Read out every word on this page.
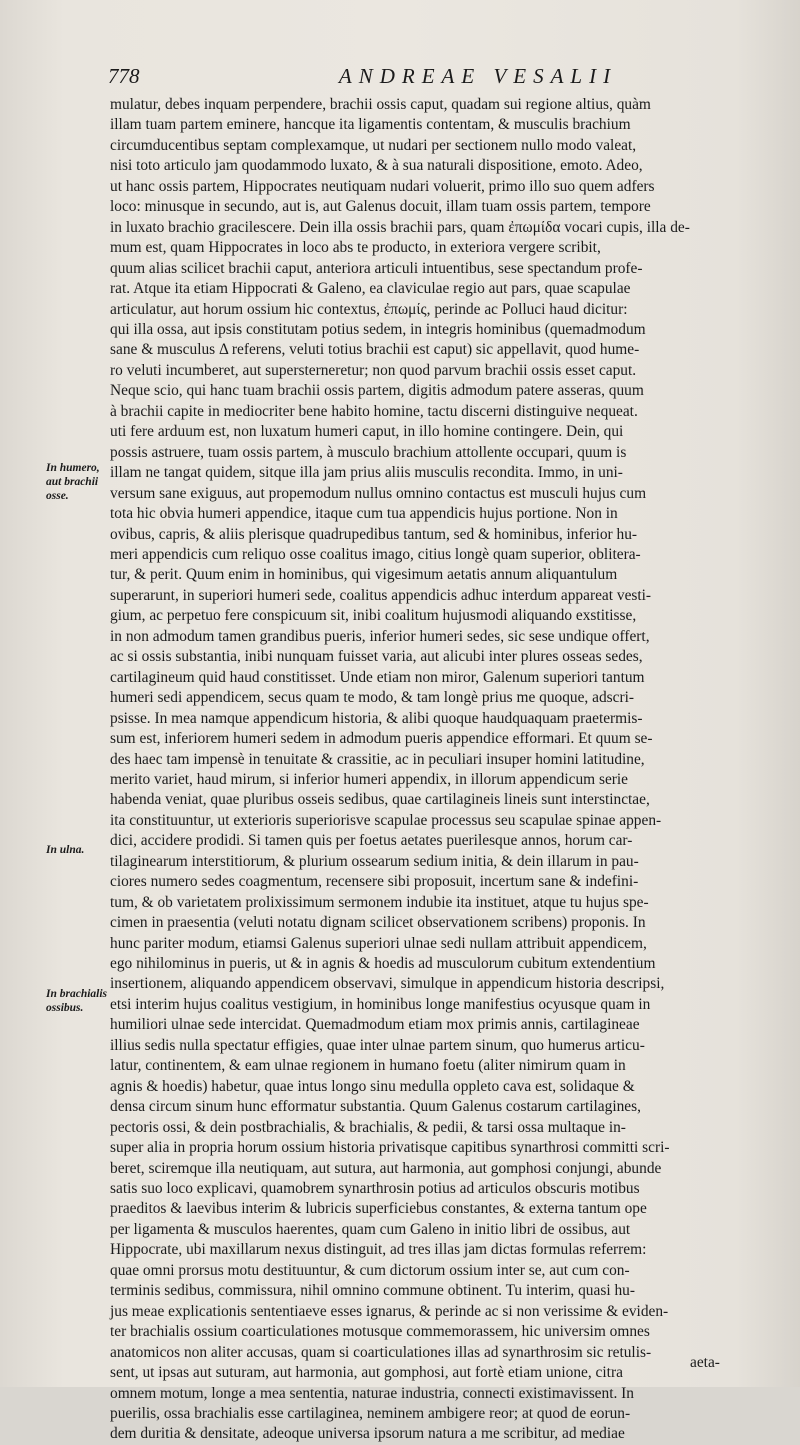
778	ANDREAE VESALII
mulatur, debes inquam perpendere, brachii ossis caput, quadam sui regione altius, quàm
illam tuam partem eminere, hancque ita ligamentis contentam, & musculis brachium
circumducentibus septam complexamque, ut nudari per sectionem nullo modo valeat,
nisi toto articulo jam quodammodo luxato, & à sua naturali dispositione, emoto. Adeo,
ut hanc ossis partem, Hippocrates neutiquam nudari voluerit, primo illo suo quem adfers
loco: minusque in secundo, aut is, aut Galenus docuit, illam tuam ossis partem, tempore
in luxato brachio gracilescere. Dein illa ossis brachii pars, quam ἐπωμίδα vocari cupis, illa de-
mum est, quam Hippocrates in loco abs te producto, in exteriora vergere scribit,
quum alias scilicet brachii caput, anteriora articuli intuentibus, sese spectandum profe-
rat. Atque ita etiam Hippocrati & Galeno, ea claviculae regio aut pars, quae scapulae
articulatur, aut horum ossium hic contextus, ἐπωμίς, perinde ac Polluci haud dicitur:
qui illa ossa, aut ipsis constitutam potius sedem, in integris hominibus (quemadmodum
sane & musculus Δ referens, veluti totius brachii est caput) sic appellavit, quod hume-
ro veluti incumberet, aut supersterneretur; non quod parvum brachii ossis esset caput.
Neque scio, qui hanc tuam brachii ossis partem, digitis admodum patere asseras, quum
à brachii capite in mediocriter bene habito homine, tactu discerni distinguive nequeat.
uti fere arduum est, non luxatum humeri caput, in illo homine contingere. Dein, qui
possis astruere, tuam ossis partem, à musculo brachium attollente occupari, quum is
illam ne tangat quidem, sitque illa jam prius aliis musculis recondita. Immo, in uni-
versum sane exiguus, aut propemodum nullus omnino contactus est musculi hujus cum
tota hic obvia humeri appendice, itaque cum tua appendicis hujus portione. Non in
ovibus, capris, & aliis plerisque quadrupedibus tantum, sed & hominibus, inferior hu-
meri appendicis cum reliquo osse coalitus imago, citius longè quam superior, oblitera-
tur, & perit. Quum enim in hominibus, qui vigesimum aetatis annum aliquantulum
superarunt, in superiori humeri sede, coalitus appendicis adhuc interdum appareat vesti-
gium, ac perpetuo fere conspicuum sit, inibi coalitum hujusmodi aliquando exstitisse,
in non admodum tamen grandibus pueris, inferior humeri sedes, sic sese undique offert,
ac si ossis substantia, inibi nunquam fuisset varia, aut alicubi inter plures osseas sedes,
cartilagineum quid haud constitisset. Unde etiam non miror, Galenum superiori tantum
humeri sedi appendicem, secus quam te modo, & tam longè prius me quoque, adscri-
psisse. In mea namque appendicum historia, & alibi quoque haudquaquam praetermis-
sum est, inferiorem humeri sedem in admodum pueris appendice efformari. Et quum se-
des haec tam impensè in tenuitate & crassitie, ac in peculiari insuper homini latitudine,
merito variet, haud mirum, si inferior humeri appendix, in illorum appendicum serie
habenda veniat, quae pluribus osseis sedibus, quae cartilagineis lineis sunt interstinctae,
ita constituuntur, ut exterioris superiorisve scapulae processus seu scapulae spinae appen-
dici, accidere prodidi. Si tamen quis per foetus aetates puerilesque annos, horum car-
tilaginearum interstitiorum, & plurium ossearum sedium initia, & dein illarum in pau-
ciores numero sedes coagmentum, recensere sibi proposuit, incertum sane & indefini-
tum, & ob varietatem prolixissimum sermonem indubie ita instituet, atque tu hujus spe-
cimen in praesentia (veluti notatu dignam scilicet observationem scribens) proponis. In
hunc pariter modum, etiamsi Galenus superiori ulnae sedi nullam attribuit appendicem,
ego nihilominus in pueris, ut & in agnis & hoedis ad musculorum cubitum extendentium
insertionem, aliquando appendicem observavi, simulque in appendicum historia descripsi,
etsi interim hujus coalitus vestigium, in hominibus longe manifestius ocyusque quam in
humiliori ulnae sede intercidat. Quemadmodum etiam mox primis annis, cartilagineae
illius sedis nulla spectatur effigies, quae inter ulnae partem sinum, quo humerus articu-
latur, continentem, & eam ulnae regionem in humano foetu (aliter nimirum quam in
agnis & hoedis) habetur, quae intus longo sinu medulla oppleto cava est, solidaque &
densa circum sinum hunc efformatur substantia. Quum Galenus costarum cartilagines,
pectoris ossi, & dein postbrachialis, & brachialis, & pedii, & tarsi ossa multaque in-
super alia in propria horum ossium historia privatisque capitibus synarthrosi committi scri-
beret, sciremque illa neutiquam, aut sutura, aut harmonia, aut gomphosi conjungi, abunde
satis suo loco explicavi, quamobrem synarthrosin potius ad articulos obscuris motibus
praeditos & laevibus interim & lubricis superficiebus constantes, & externa tantum ope
per ligamenta & musculos haerentes, quam cum Galeno in initio libri de ossibus, aut
Hippocrate, ubi maxillarum nexus distinguit, ad tres illas jam dictas formulas referrem:
quae omni prorsus motu destituuntur, & cum dictorum ossium inter se, aut cum con-
terminis sedibus, commissura, nihil omnino commune obtinent. Tu interim, quasi hu-
jus meae explicationis sententiaeve esses ignarus, & perinde ac si non verissime & eviden-
ter brachialis ossium coarticulationes motusque commemorassem, hic universim omnes
anatomicos non aliter accusas, quam si coarticulationes illas ad synarthrosim sic retulis-
sent, ut ipsas aut suturam, aut harmonia, aut gomphosi, aut fortè etiam unione, citra
omnem motum, longe a mea sententia, naturae industria, connecti existimavissent. In
puerilis, ossa brachialis esse cartilaginea, neminem ambigere reor; at quod de eorun-
dem duritia & densitate, adeoque universa ipsorum natura a me scribitur, ad mediae
In humero,
aut brachii
osse.
In ulna.
In brachialis
ossibus.
aeta-
